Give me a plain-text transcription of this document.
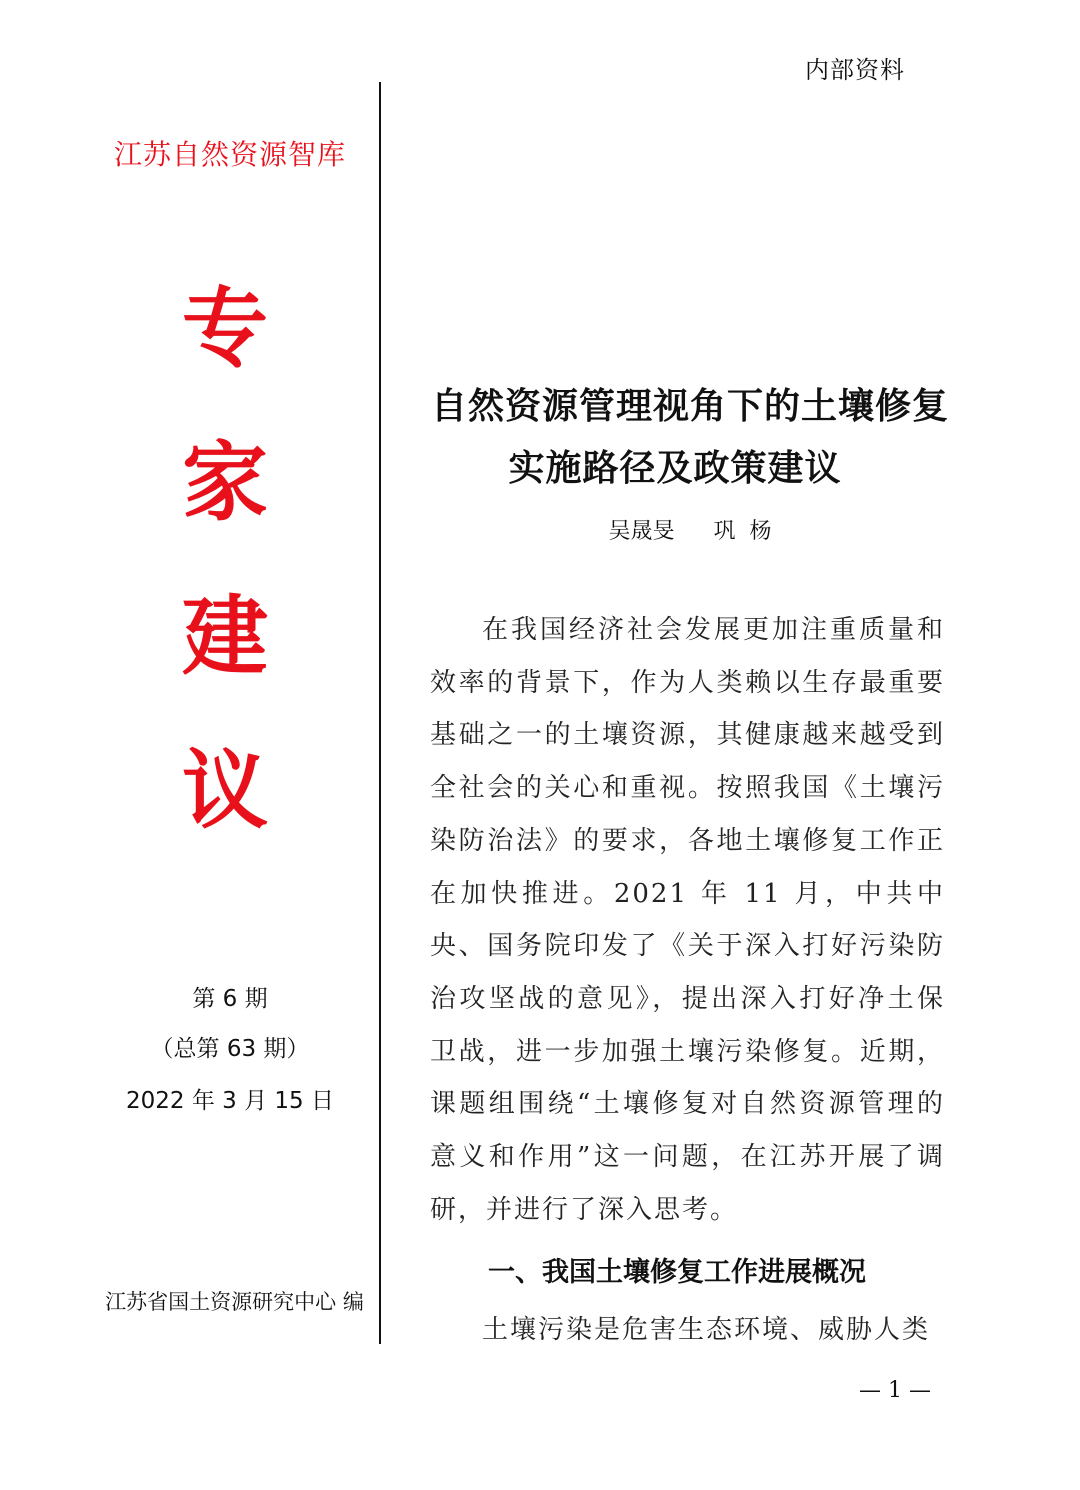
内部资料
江苏自然资源智库
专
家
建
议
第 6 期
（总第 63 期）
2022 年 3 月 15 日
江苏省国土资源研究中心 编
自然资源管理视角下的土壤修复
实施路径及政策建议
吴晟旻 巩  杨

在我国经济社会发展更加注重质量和效率的背景下，作为人类赖以生存最重要基础之一的土壤资源，其健康越来越受到全社会的关心和重视。按照我国《土壤污染防治法》的要求，各地土壤修复工作正在加快推进。2021 年 11 月，中共中央、国务院印发了《关于深入打好污染防治攻坚战的意见》，提出深入打好净土保卫战，进一步加强土壤污染修复。近期，课题组围绕“土壤修复对自然资源管理的意义和作用”这一问题，在江苏开展了调研，并进行了深入思考。

一、我国土壤修复工作进展概况

土壤污染是危害生态环境、威胁人类

— 1 —
